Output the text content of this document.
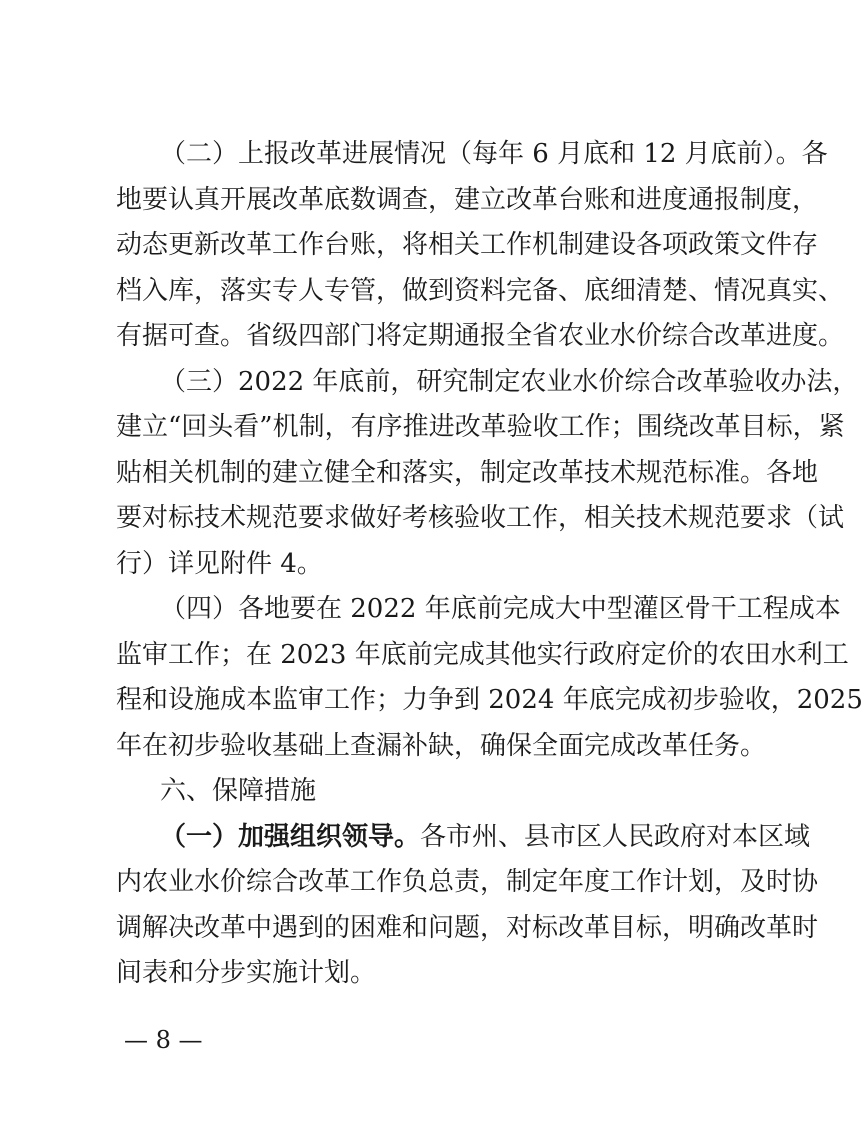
（二）上报改革进展情况（每年 6 月底和 12 月底前）。各
地要认真开展改革底数调查，建立改革台账和进度通报制度，
动态更新改革工作台账，将相关工作机制建设各项政策文件存
档入库，落实专人专管，做到资料完备、底细清楚、情况真实、
有据可查。省级四部门将定期通报全省农业水价综合改革进度。
（三）2022 年底前，研究制定农业水价综合改革验收办法，
建立“回头看”机制，有序推进改革验收工作；围绕改革目标，紧
贴相关机制的建立健全和落实，制定改革技术规范标准。各地
要对标技术规范要求做好考核验收工作，相关技术规范要求（试
行）详见附件 4。
（四）各地要在 2022 年底前完成大中型灌区骨干工程成本
监审工作；在 2023 年底前完成其他实行政府定价的农田水利工
程和设施成本监审工作；力争到 2024 年底完成初步验收，2025
年在初步验收基础上查漏补缺，确保全面完成改革任务。
六、保障措施
（一）加强组织领导。各市州、县市区人民政府对本区域
内农业水价综合改革工作负总责，制定年度工作计划，及时协
调解决改革中遇到的困难和问题，对标改革目标，明确改革时
间表和分步实施计划。
— 8 —
